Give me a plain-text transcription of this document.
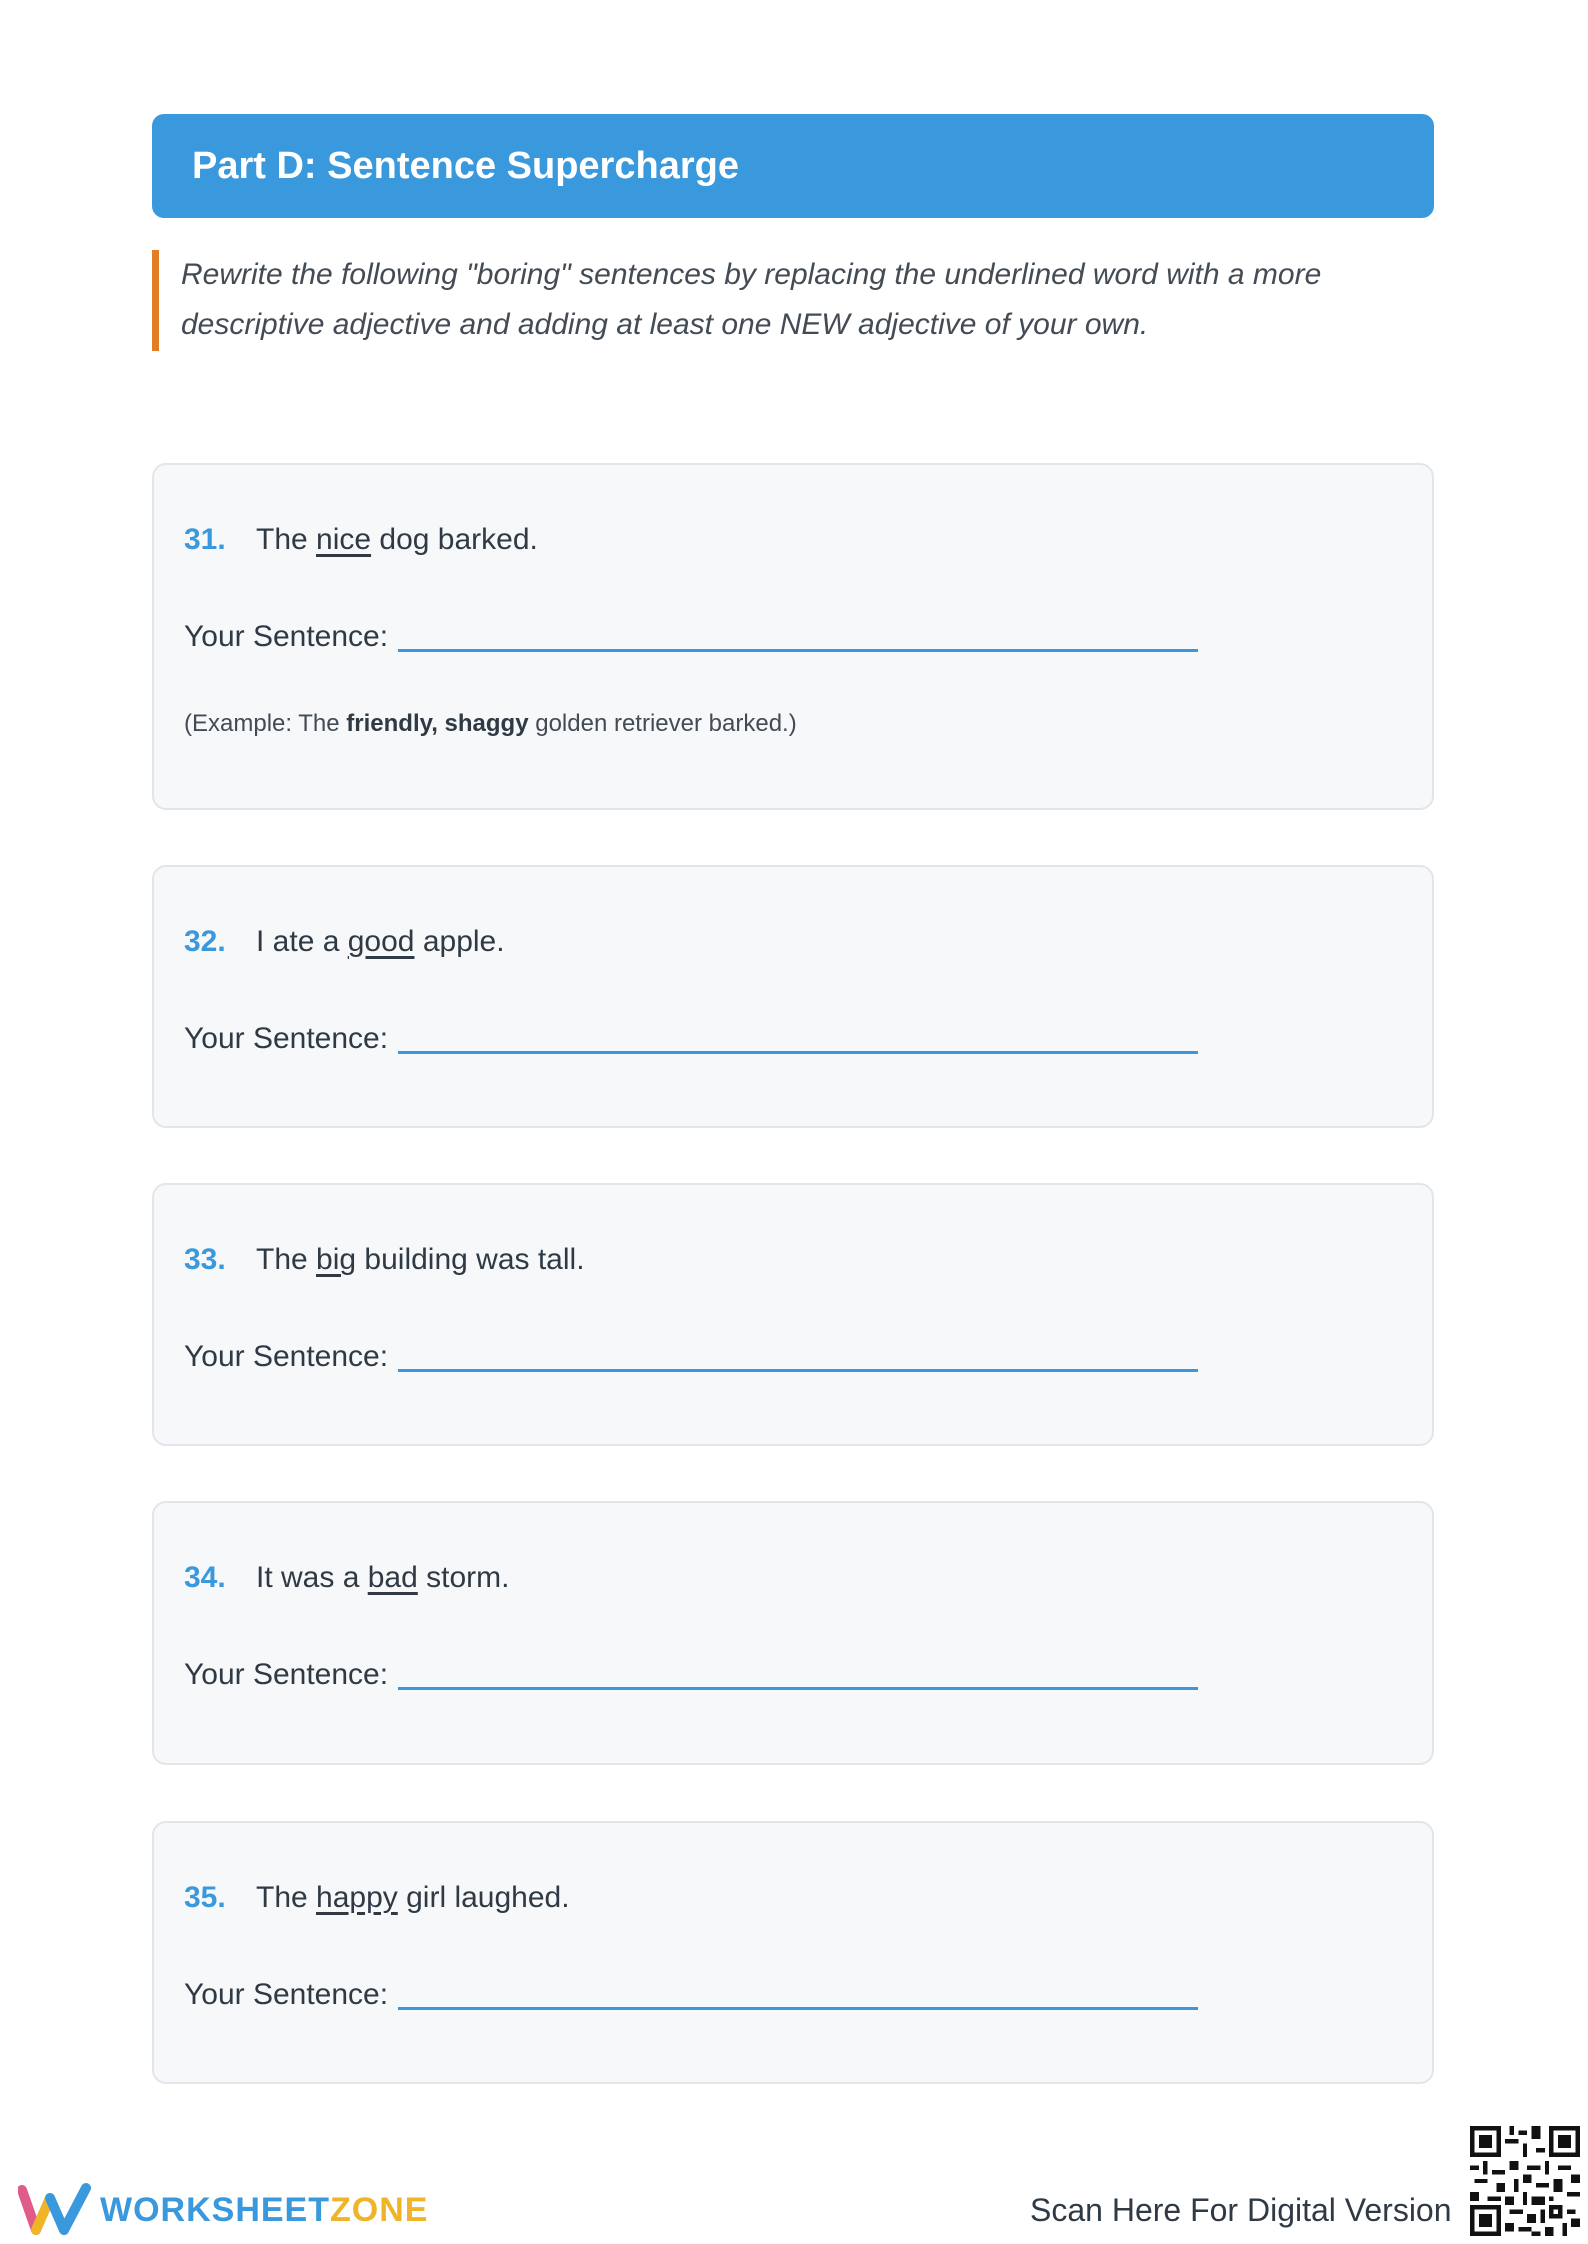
Part D: Sentence Supercharge

Rewrite the following "boring" sentences by replacing the underlined word with a more descriptive adjective and adding at least one NEW adjective of your own.

31. The nice dog barked.
Your Sentence:
(Example: The friendly, shaggy golden retriever barked.)
32. I ate a good apple.
Your Sentence:
33. The big building was tall.
Your Sentence:
34. It was a bad storm.
Your Sentence:
35. The happy girl laughed.
Your Sentence:
WORKSHEETZONE	Scan Here For Digital Version
